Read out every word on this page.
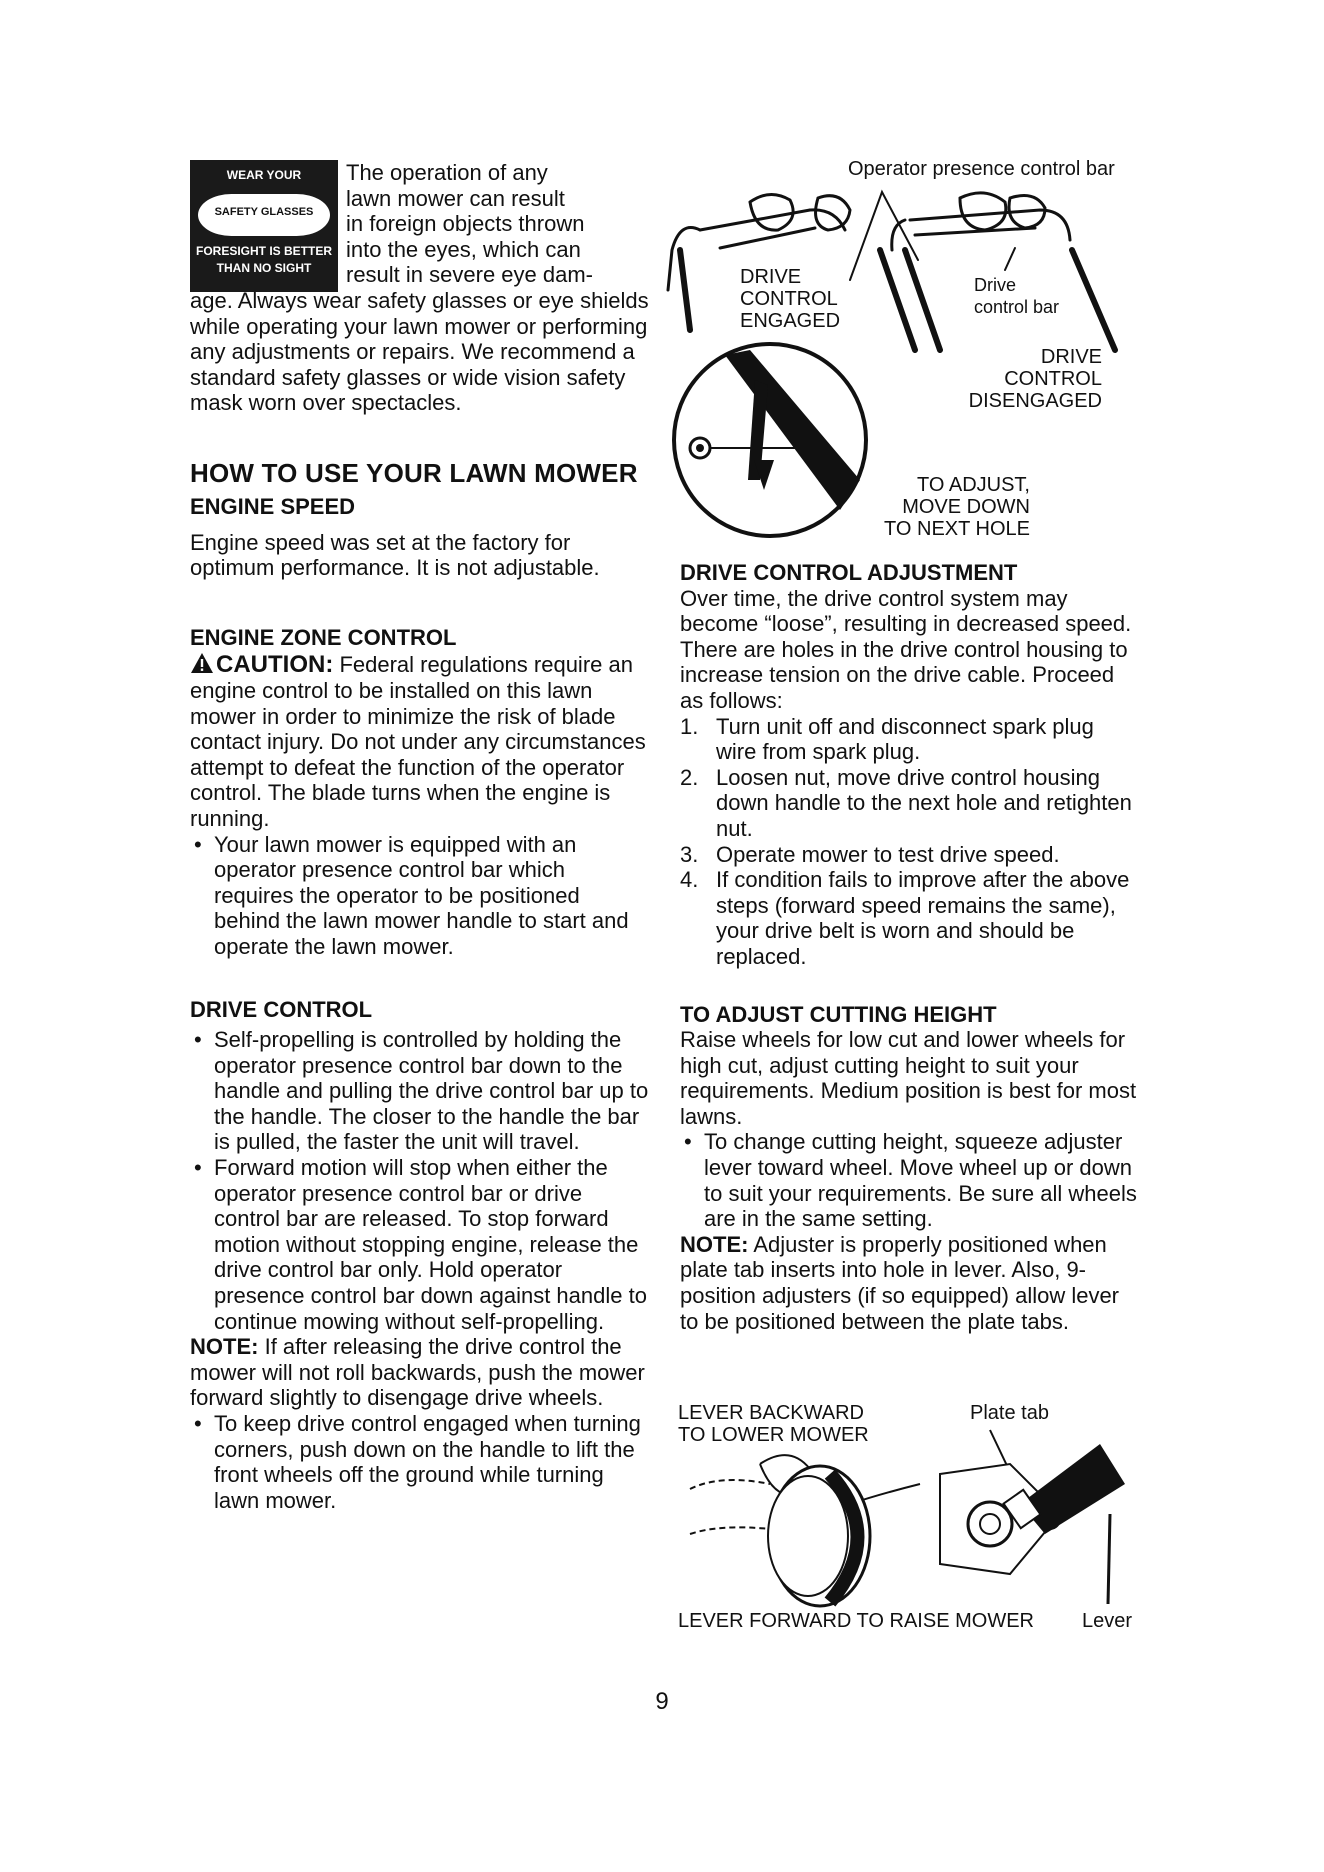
WEAR YOUR
SAFETY GLASSES
FORESIGHT IS BETTER
THAN NO SIGHT
The operation of any
lawn mower can result
in foreign objects thrown
into the eyes, which can
result in severe eye dam-

age. Always wear safety glasses or eye shields while operating your lawn mower or performing any adjustments or repairs. We recommend a standard safety glasses or wide vision safety mask worn over spectacles.

HOW TO USE YOUR LAWN MOWER
ENGINE SPEED

Engine speed was set at the factory for optimum performance. It is not adjustable.

ENGINE ZONE CONTROL

CAUTION: Federal regulations require an engine control to be installed on this lawn mower in order to minimize the risk of blade contact injury. Do not under any circumstances attempt to defeat the function of the operator control. The blade turns when the engine is running.

• Your lawn mower is equipped with an operator presence control bar which requires the operator to be positioned behind the lawn mower handle to start and operate the lawn mower.
DRIVE CONTROL
• Self-propelling is controlled by holding the operator presence control bar down to the handle and pulling the drive control bar up to the handle. The closer to the handle the bar is pulled, the faster the unit will travel.
• Forward motion will stop when either the operator presence control bar or drive control bar are released. To stop forward motion without stopping engine, release the drive control bar only. Hold operator presence control bar down against handle to continue mowing without self-propelling.

NOTE: If after releasing the drive control the mower will not roll backwards, push the mower forward slightly to disengage drive wheels.

• To keep drive control engaged when turning corners, push down on the handle to lift the front wheels off the ground while turning lawn mower.
Operator presence control bar
DRIVE
CONTROL
ENGAGED
Drive
control bar
DRIVE
CONTROL
DISENGAGED
TO ADJUST,
MOVE DOWN
TO NEXT HOLE
DRIVE CONTROL ADJUSTMENT

Over time, the drive control system may become “loose”, resulting in decreased speed. There are holes in the drive control housing to increase tension on the drive cable. Proceed as follows:

1. Turn unit off and disconnect spark plug wire from spark plug.
2. Loosen nut, move drive control housing down handle to the next hole and retighten nut.
3. Operate mower to test drive speed.
4. If condition fails to improve after the above steps (forward speed remains the same), your drive belt is worn and should be replaced.
TO ADJUST CUTTING HEIGHT

Raise wheels for low cut and lower wheels for high cut, adjust cutting height to suit your requirements. Medium position is best for most lawns.

• To change cutting height, squeeze adjuster lever toward wheel. Move wheel up or down to suit your requirements. Be sure all wheels are in the same setting.

NOTE: Adjuster is properly positioned when plate tab inserts into hole in lever. Also, 9-position adjusters (if so equipped) allow lever to be positioned between the plate tabs.

LEVER BACKWARD
TO LOWER MOWER
Plate tab
LEVER FORWARD TO RAISE MOWER Lever
9
